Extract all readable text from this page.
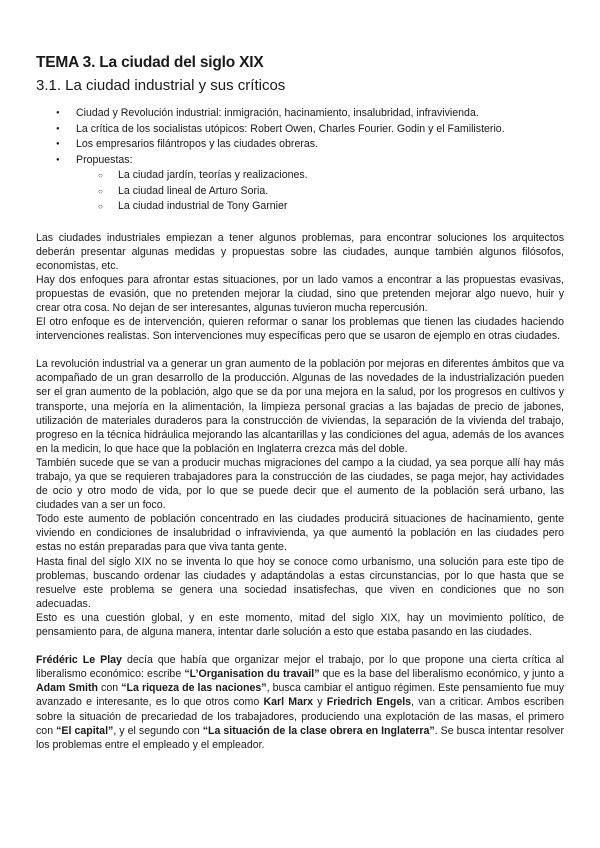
TEMA 3. La ciudad del siglo XIX
3.1. La ciudad industrial y sus críticos
● Ciudad y Revolución industrial: inmigración, hacinamiento, insalubridad, infravivienda.
● La crítica de los socialistas utópicos: Robert Owen, Charles Fourier. Godin y el Familisterio.
● Los empresarios filántropos y las ciudades obreras.
● Propuestas:
○ La ciudad jardín, teorías y realizaciones.
○ La ciudad lineal de Arturo Soria.
○ La ciudad industrial de Tony Garnier

Las ciudades industriales empiezan a tener algunos problemas, para encontrar soluciones los arquitectos deberán presentar algunas medidas y propuestas sobre las ciudades, aunque también algunos filósofos, economistas, etc.

Hay dos enfoques para afrontar estas situaciones, por un lado vamos a encontrar a las propuestas evasivas, propuestas de evasión, que no pretenden mejorar la ciudad, sino que pretenden mejorar algo nuevo, huir y crear otra cosa. No dejan de ser interesantes, algunas tuvieron mucha repercusión.

El otro enfoque es de intervención, quieren reformar o sanar los problemas que tienen las ciudades haciendo intervenciones realistas. Son intervenciones muy específicas pero que se usaron de ejemplo en otras ciudades.

La revolución industrial va a generar un gran aumento de la población por mejoras en diferentes ámbitos que va acompañado de un gran desarrollo de la producción. Algunas de las novedades de la industrialización pueden ser el gran aumento de la población, algo que se da por una mejora en la salud, por los progresos en cultivos y transporte, una mejoría en la alimentación, la limpieza personal gracias a las bajadas de precio de jabones, utilización de materiales duraderos para la construcción de viviendas, la separación de la vivienda del trabajo, progreso en la técnica hidráulica mejorando las alcantarillas y las condiciones del agua, además de los avances en la medicin, lo que hace que la población en Inglaterra crezca más del doble.

También sucede que se van a producir muchas migraciones del campo a la ciudad, ya sea porque allí hay más trabajo, ya que se requieren trabajadores para la construcción de las ciudades, se paga mejor, hay actividades de ocio y otro modo de vida, por lo que se puede decir que el aumento de la población será urbano, las ciudades van a ser un foco.

Todo este aumento de población concentrado en las ciudades producirá situaciones de hacinamiento, gente viviendo en condiciones de insalubridad o infravivienda, ya que aumentó la población en las ciudades pero estas no están preparadas para que viva tanta gente.

Hasta final del siglo XIX no se inventa lo que hoy se conoce como urbanismo, una solución para este tipo de problemas, buscando ordenar las ciudades y adaptándolas a estas circunstancias, por lo que hasta que se resuelve este problema se genera una sociedad insatisfechas, que viven en condiciones que no son adecuadas.

Esto es una cuestión global, y en este momento, mitad del siglo XIX, hay un movimiento político, de pensamiento para, de alguna manera, intentar darle solución a esto que estaba pasando en las ciudades.

Frédéric Le Play decía que había que organizar mejor el trabajo, por lo que propone una cierta crítica al liberalismo económico: escribe “L’Organisation du travail” que es la base del liberalismo económico, y junto a Adam Smith con “La riqueza de las naciones”, busca cambiar el antiguo régimen. Este pensamiento fue muy avanzado e interesante, es lo que otros como Karl Marx y Friedrich Engels, van a criticar. Ambos escriben sobre la situación de precariedad de los trabajadores, produciendo una explotación de las masas, el primero con “El capital”, y el segundo con “La situación de la clase obrera en Inglaterra”. Se busca intentar resolver los problemas entre el empleado y el empleador.
